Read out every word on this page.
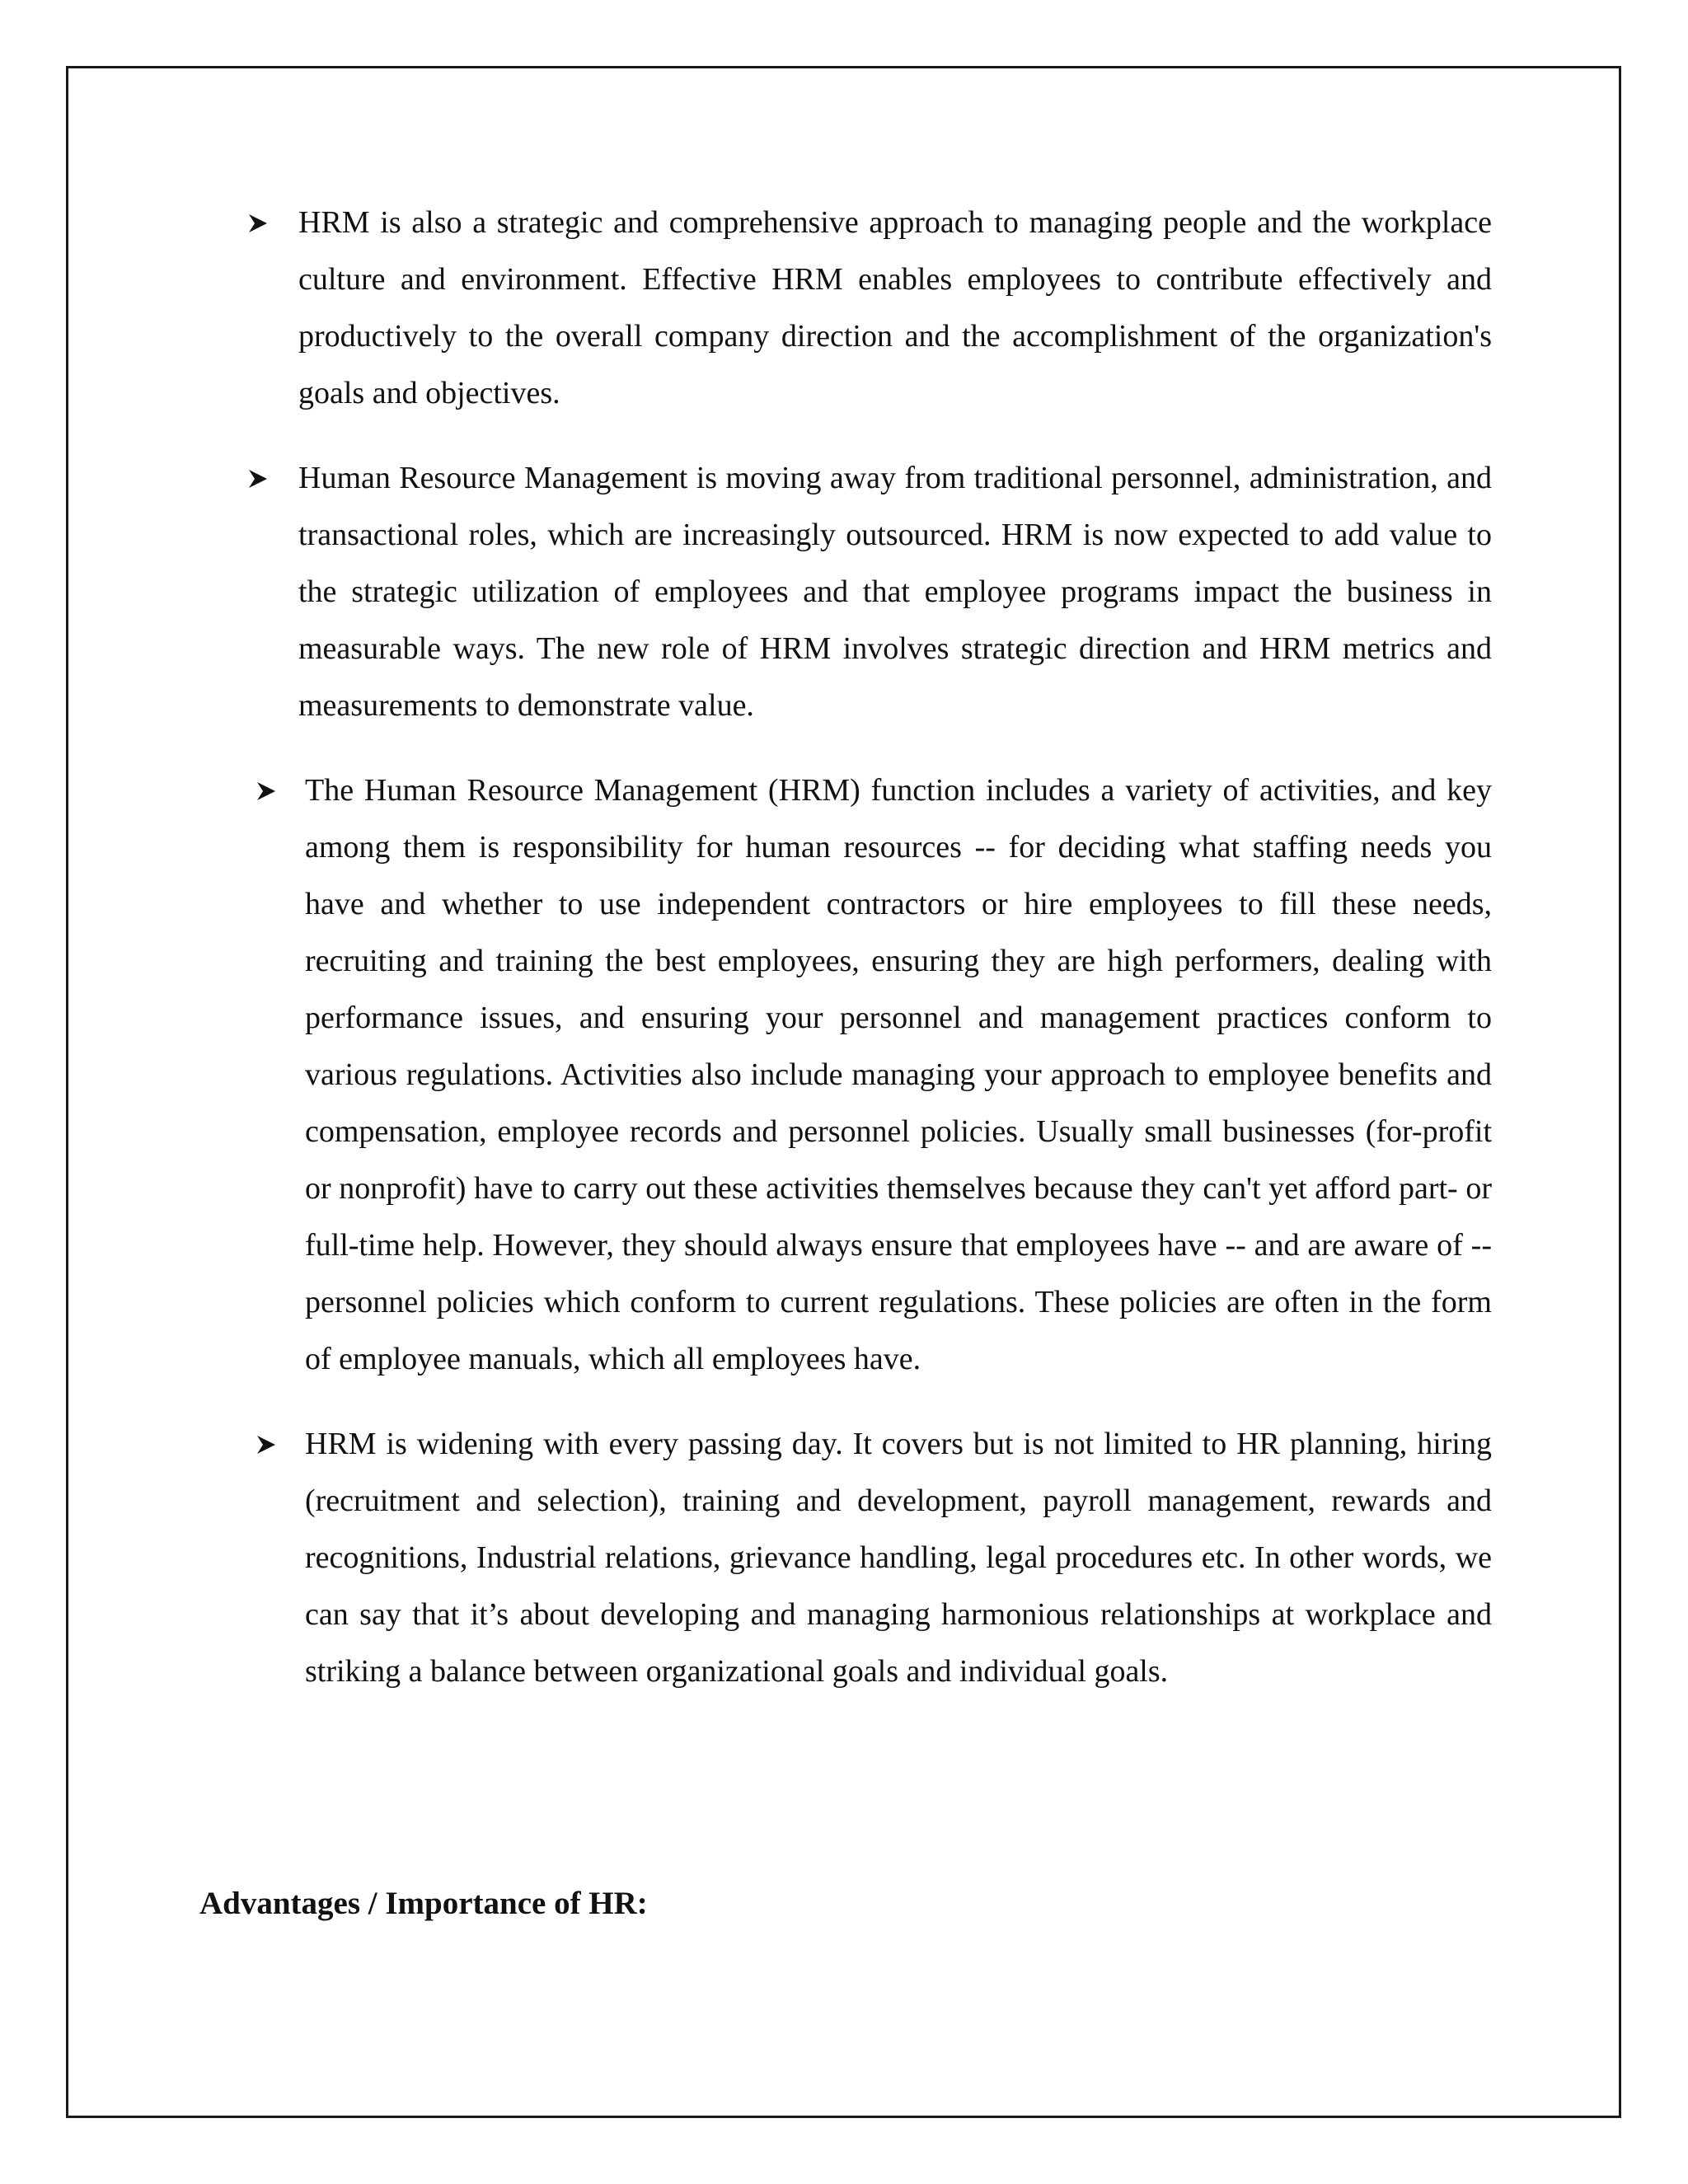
HRM is also a strategic and comprehensive approach to managing people and the workplace culture and environment. Effective HRM enables employees to contribute effectively and productively to the overall company direction and the accomplishment of the organization's goals and objectives.
Human Resource Management is moving away from traditional personnel, administration, and transactional roles, which are increasingly outsourced. HRM is now expected to add value to the strategic utilization of employees and that employee programs impact the business in measurable ways. The new role of HRM involves strategic direction and HRM metrics and measurements to demonstrate value.
The Human Resource Management (HRM) function includes a variety of activities, and key among them is responsibility for human resources -- for deciding what staffing needs you have and whether to use independent contractors or hire employees to fill these needs, recruiting and training the best employees, ensuring they are high performers, dealing with performance issues, and ensuring your personnel and management practices conform to various regulations. Activities also include managing your approach to employee benefits and compensation, employee records and personnel policies. Usually small businesses (for-profit or nonprofit) have to carry out these activities themselves because they can't yet afford part- or full-time help. However, they should always ensure that employees have -- and are aware of -- personnel policies which conform to current regulations. These policies are often in the form of employee manuals, which all employees have.
HRM is widening with every passing day. It covers but is not limited to HR planning, hiring (recruitment and selection), training and development, payroll management, rewards and recognitions, Industrial relations, grievance handling, legal procedures etc. In other words, we can say that it’s about developing and managing harmonious relationships at workplace and striking a balance between organizational goals and individual goals.
Advantages / Importance of HR:
